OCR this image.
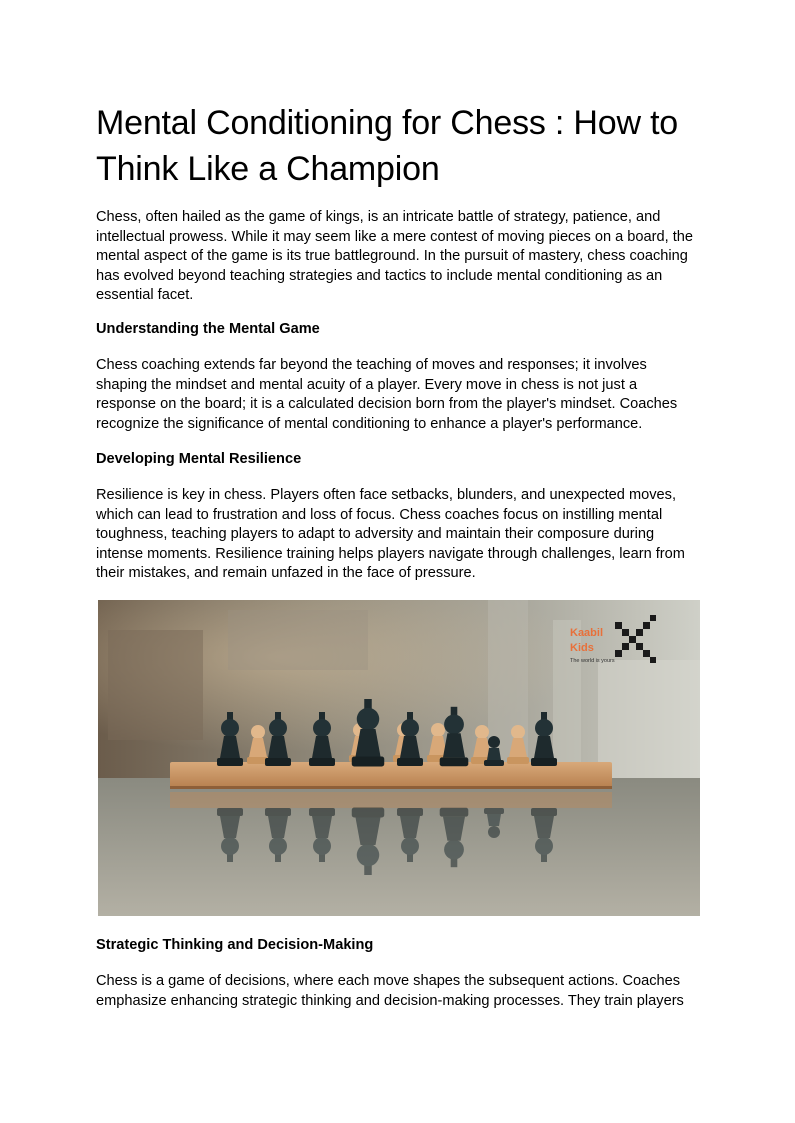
Mental Conditioning for Chess : How to Think Like a Champion

Chess, often hailed as the game of kings, is an intricate battle of strategy, patience, and intellectual prowess. While it may seem like a mere contest of moving pieces on a board, the mental aspect of the game is its true battleground. In the pursuit of mastery, chess coaching has evolved beyond teaching strategies and tactics to include mental conditioning as an essential facet.

Understanding the Mental Game

Chess coaching extends far beyond the teaching of moves and responses; it involves shaping the mindset and mental acuity of a player. Every move in chess is not just a response on the board; it is a calculated decision born from the player's mindset. Coaches recognize the significance of mental conditioning to enhance a player's performance.

Developing Mental Resilience

Resilience is key in chess. Players often face setbacks, blunders, and unexpected moves, which can lead to frustration and loss of focus. Chess coaches focus on instilling mental toughness, teaching players to adapt to adversity and maintain their composure during intense moments. Resilience training helps players navigate through challenges, learn from their mistakes, and remain unfazed in the face of pressure.

Kaabil
Kids
The world is yours
Strategic Thinking and Decision-Making

Chess is a game of decisions, where each move shapes the subsequent actions. Coaches emphasize enhancing strategic thinking and decision-making processes. They train players
